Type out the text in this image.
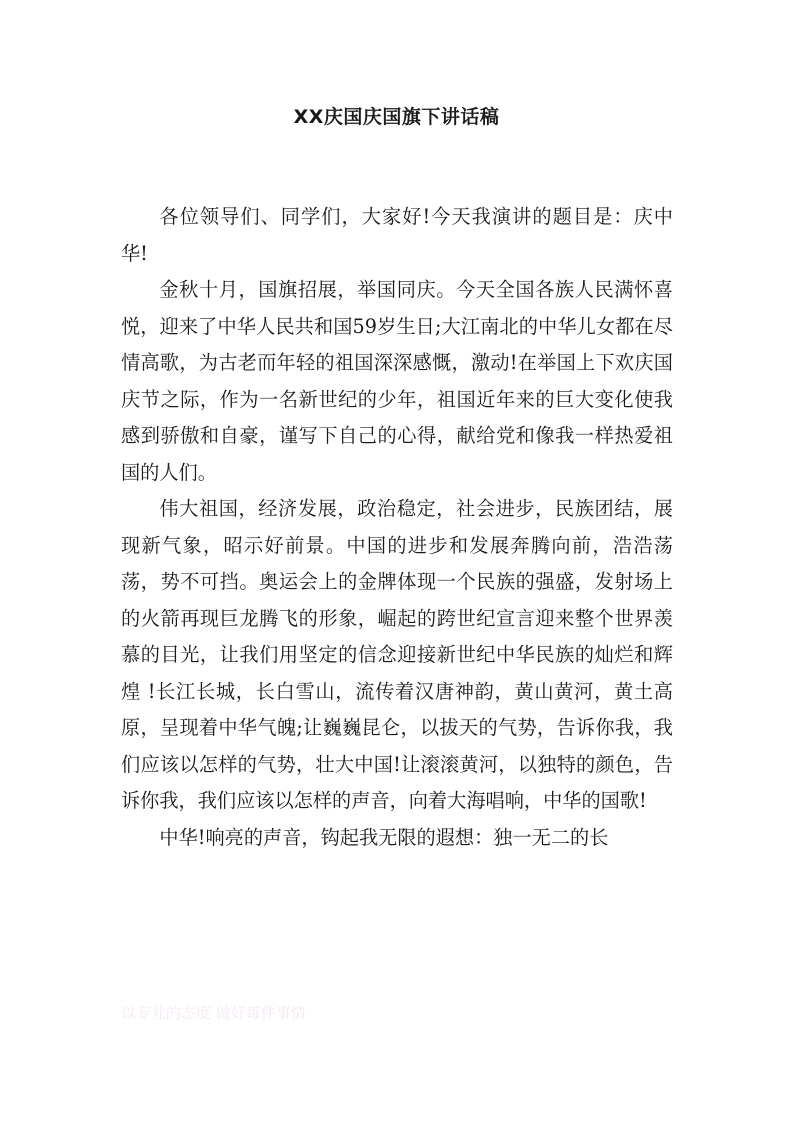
XX庆国庆国旗下讲话稿

各位领导们、同学们，大家好!今天我演讲的题目是：庆中华!

金秋十月，国旗招展，举国同庆。今天全国各族人民满怀喜悦，迎来了中华人民共和国59岁生日;大江南北的中华儿女都在尽情高歌，为古老而年轻的祖国深深感慨，激动!在举国上下欢庆国庆节之际，作为一名新世纪的少年，祖国近年来的巨大变化使我感到骄傲和自豪，谨写下自己的心得，献给党和像我一样热爱祖国的人们。

伟大祖国，经济发展，政治稳定，社会进步，民族团结，展现新气象，昭示好前景。中国的进步和发展奔腾向前，浩浩荡荡，势不可挡。奥运会上的金牌体现一个民族的强盛，发射场上的火箭再现巨龙腾飞的形象，崛起的跨世纪宣言迎来整个世界羡慕的目光，让我们用坚定的信念迎接新世纪中华民族的灿烂和辉煌 !长江长城，长白雪山，流传着汉唐神韵，黄山黄河，黄土高原，呈现着中华气魄;让巍巍昆仑，以拔天的气势，告诉你我，我们应该以怎样的气势，壮大中国!让滚滚黄河，以独特的颜色，告诉你我，我们应该以怎样的声音，向着大海唱响，中华的国歌!

中华!响亮的声音，钩起我无限的遐想：独一无二的长

以专业的态度 做好每件事情
